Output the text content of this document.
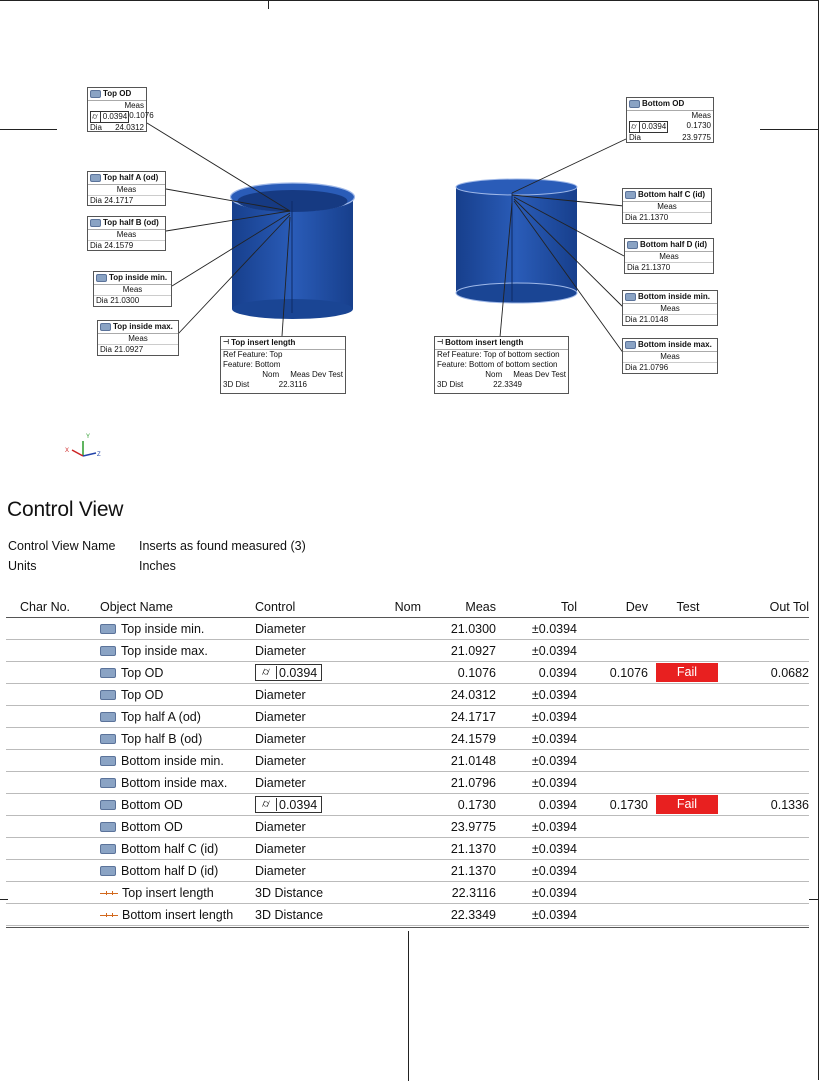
Y
X
Z
Top OD
Meas
⌭ 0.0394 0.1076
Dia 24.0312
Top half A (od)
Meas
Dia 24.1717
Top half B (od)
Meas
Dia 24.1579
Top inside min.
Meas
Dia 21.0300
Top inside max.
Meas
Dia 21.0927
⊣ Top insert length
Ref Feature: Top
Feature: Bottom
Nom     Meas Dev Test
3D Dist	22.3116
Bottom OD
Meas
⌭ 0.0394	0.1730
Dia	23.9775
Bottom half C (id)
Meas
Dia 21.1370
Bottom half D (id)
Meas
Dia 21.1370
Bottom inside min.
Meas
Dia 21.0148
Bottom inside max.
Meas
Dia 21.0796
⊣ Bottom insert length
Ref Feature: Top of bottom section
Feature: Bottom of bottom section
Nom     Meas Dev Test
3D Dist	22.3349
Control View
Control View Name Inserts as found measured (3)
Units	Inches
Char No.	Object Name	Control	Nom	Meas	Tol	Dev	Test	Out Tol
	Top inside min.	Diameter		21.0300	±0.0394			
	Top inside max.	Diameter		21.0927	±0.0394			
	Top OD	⌭ 0.0394		0.1076	0.0394	0.1076	Fail	0.0682
	Top OD	Diameter		24.0312	±0.0394			
	Top half A (od)	Diameter		24.1717	±0.0394			
	Top half B (od)	Diameter		24.1579	±0.0394			
	Bottom inside min.	Diameter		21.0148	±0.0394			
	Bottom inside max.	Diameter		21.0796	±0.0394			
	Bottom OD	⌭ 0.0394		0.1730	0.0394	0.1730	Fail	0.1336
	Bottom OD	Diameter		23.9775	±0.0394			
	Bottom half C (id)	Diameter		21.1370	±0.0394			
	Bottom half D (id)	Diameter		21.1370	±0.0394			
	Top insert length	3D Distance		22.3116	±0.0394			
	Bottom insert length	3D Distance		22.3349	±0.0394			
